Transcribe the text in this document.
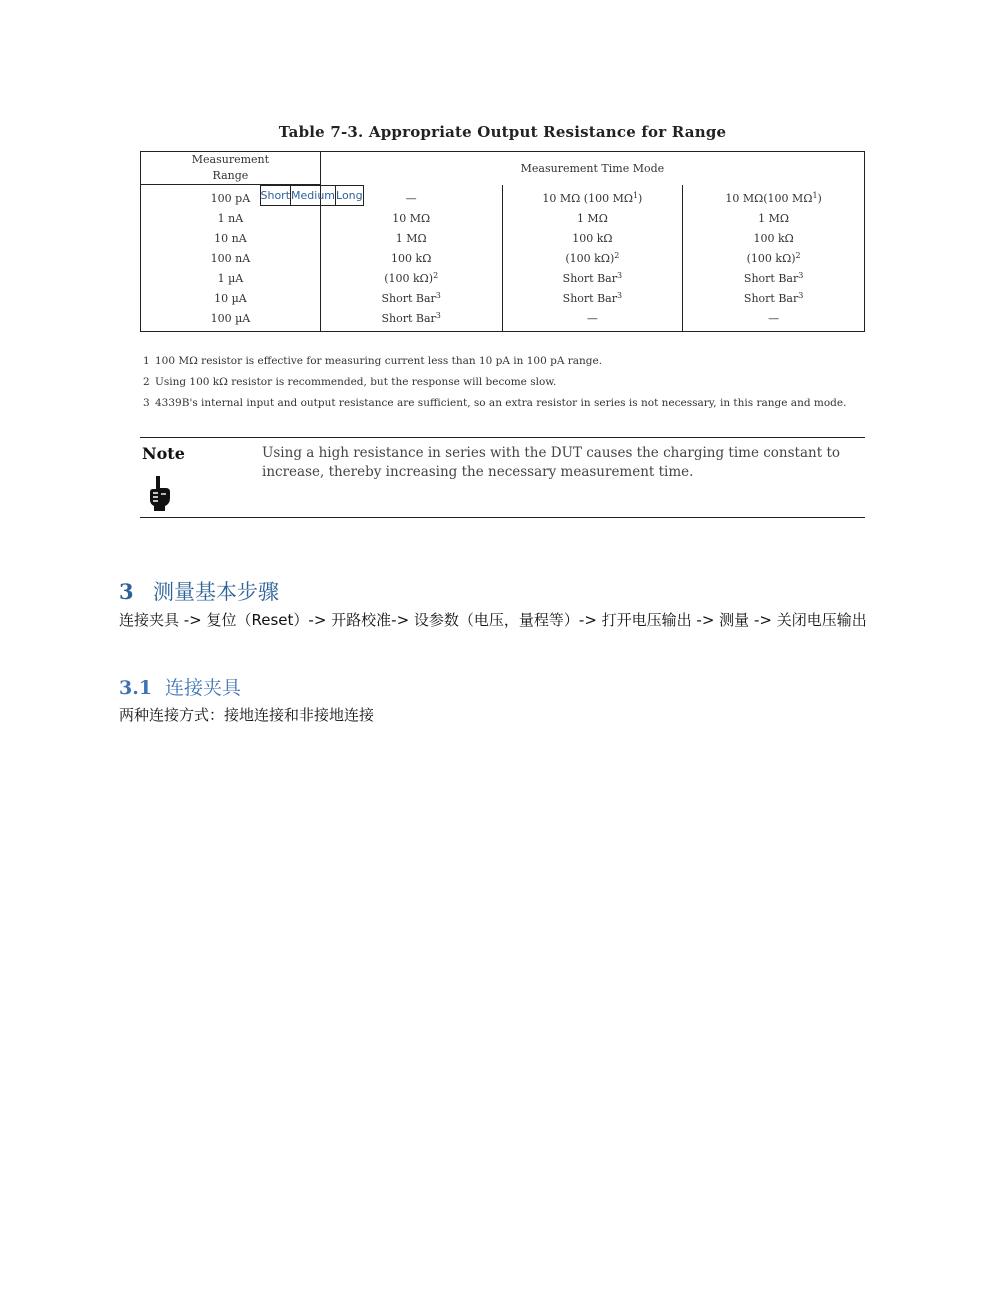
Table 7-3. Appropriate Output Resistance for Range
Measurement Range	Measurement Time Mode

Short	Medium	Long
100 pA	—	10 MΩ (100 $M\Omega^1$)	10 MΩ(100 $M\Omega^1$)
1 nA	10 MΩ	1 MΩ	1 MΩ
10 nA	1 MΩ	100 kΩ	100 kΩ
100 nA	100 kΩ	(100 kΩ)$^2$	(100 kΩ)$^2$
1 µA	(100 kΩ)$^2$	Short Bar$^3$	Short Bar$^3$
10 µA	Short Bar$^3$	Short Bar$^3$	Short Bar$^3$
100 µA	Short Bar$^3$	—	—
1 100 MΩ resistor is effective for measuring current less than 10 pA in 100 pA range.
2 Using 100 kΩ resistor is recommended, but the response will become slow.
3 4339B's internal input and output resistance are sufficient, so an extra resistor in series is not necessary, in this range and mode.
Note	Using a high resistance in series with the DUT causes the charging time constant to increase, thereby increasing the necessary measurement time.
3 测量基本步骤
连接夹具 -> 复位（Reset）-> 开路校准-> 设参数（电压，量程等）-> 打开电压输出 -> 测量 -> 关闭电压输出
3.1 连接夹具
两种连接方式：接地连接和非接地连接
